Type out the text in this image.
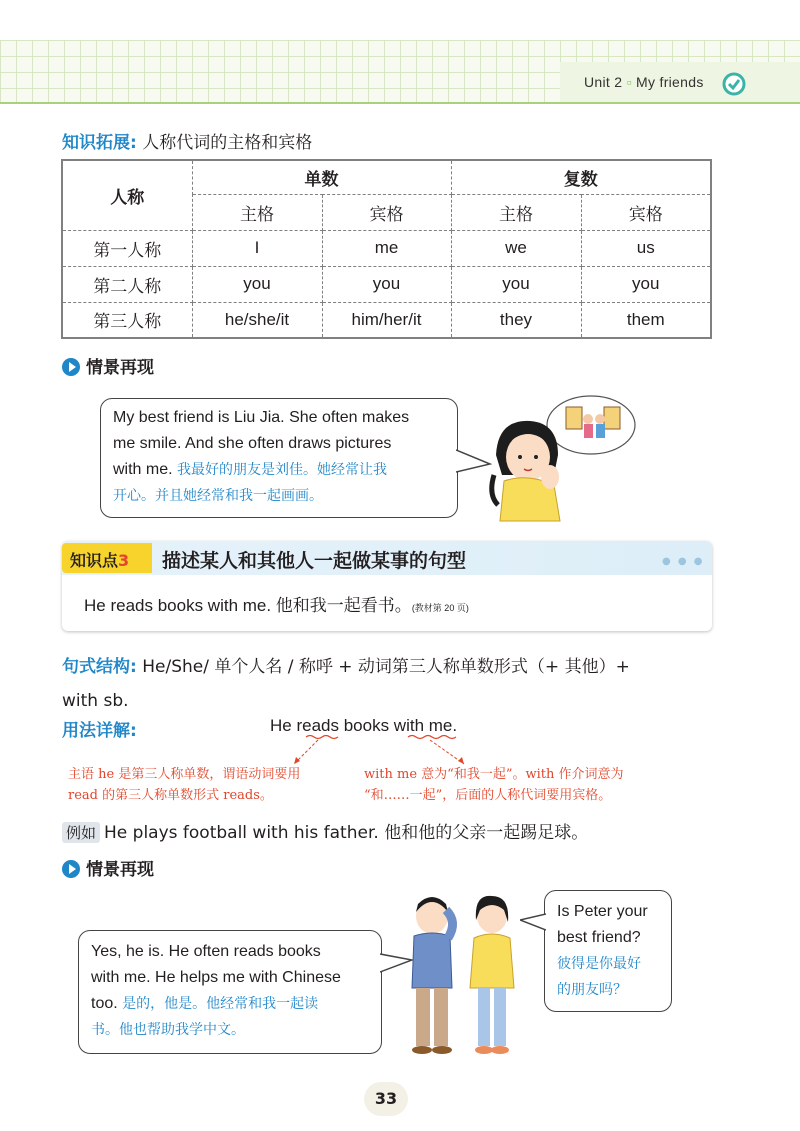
Unit 2 ▫ My friends
知识拓展: 人称代词的主格和宾格
人称	单数		复数	
	主格	宾格	主格	宾格
第一人称	I	me	we	us
第二人称	you	you	you	you
第三人称	he/she/it	him/her/it	they	them
情景再现
My best friend is Liu Jia. She often makes
me smile. And she often draws pictures
with me. 我最好的朋友是刘佳。她经常让我
开心。并且她经常和我一起画画。
知识点3 描述某人和其他人一起做某事的句型	● ● ●
He reads books with me. 他和我一起看书。(教材第 20 页)
句式结构: He/She/ 单个人名 / 称呼 + 动词第三人称单数形式（+ 其他）+
with sb.
用法详解:	He reads books with me.
主语 he 是第三人称单数，谓语动词要用
read 的第三人称单数形式 reads。
with me 意为“和我一起”。with 作介词意为
“和……一起”，后面的人称代词要用宾格。
例如 He plays football with his father. 他和他的父亲一起踢足球。
情景再现
Yes, he is. He often reads books
with me. He helps me with Chinese
too. 是的，他是。他经常和我一起读
书。他也帮助我学中文。
Is Peter your
best friend?
彼得是你最好
的朋友吗？
33
